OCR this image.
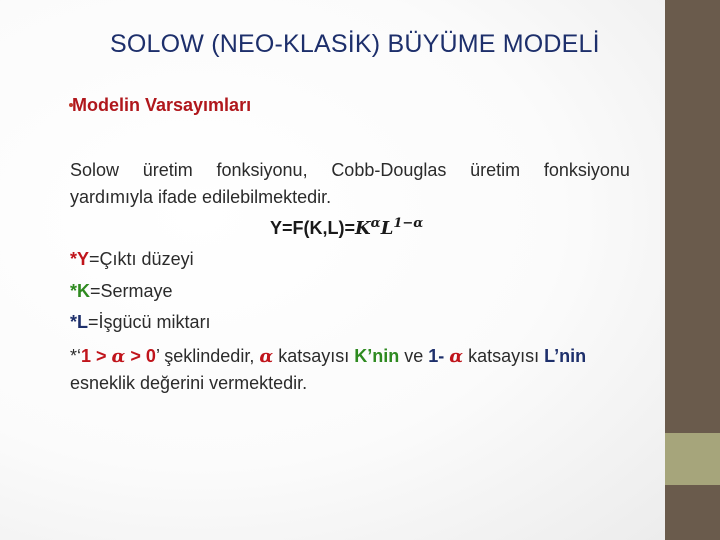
SOLOW (NEO-KLASİK) BÜYÜME MODELİ
Modelin Varsayımları
Solow üretim fonksiyonu, Cobb-Douglas üretim fonksiyonu
yardımıyla ifade edilebilmektedir.
$Y=F(K,L)=K^\alpha L^{1-\alpha}$
*Y=Çıktı düzeyi
*K=Sermaye
*L=İşgücü miktarı
*‘1 > α > 0’ şeklindedir, α katsayısı K’nin ve 1- α katsayısı L’nin
esneklik değerini vermektedir.
